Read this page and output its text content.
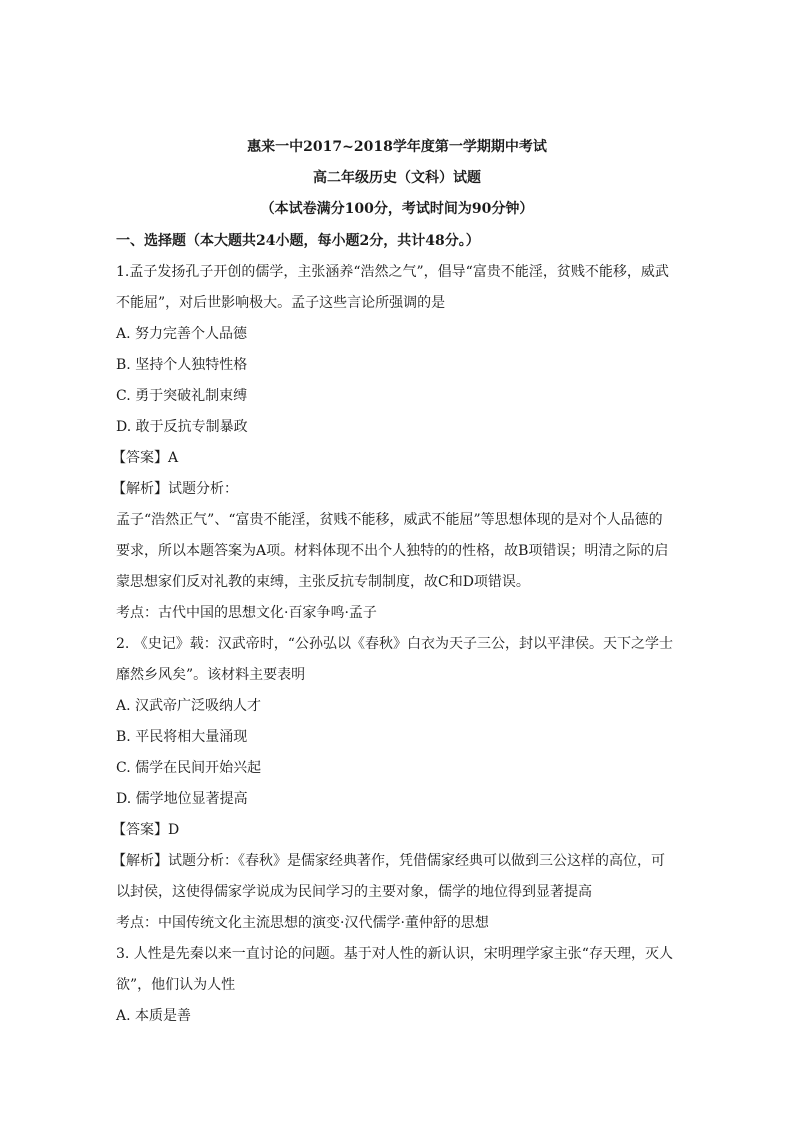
惠来一中2017~2018学年度第一学期期中考试
高二年级历史（文科）试题
（本试卷满分100分，考试时间为90分钟）
一、选择题（本大题共24小题，每小题2分，共计48分。）
1.孟子发扬孔子开创的儒学，主张涵养“浩然之气”，倡导“富贵不能淫，贫贱不能移，威武
不能屈”，对后世影响极大。孟子这些言论所强调的是
A. 努力完善个人品德
B. 坚持个人独特性格
C. 勇于突破礼制束缚
D. 敢于反抗专制暴政
【答案】A
【解析】试题分析：
孟子“浩然正气”、“富贵不能淫，贫贱不能移，威武不能屈”等思想体现的是对个人品德的
要求，所以本题答案为A项。材料体现不出个人独特的的性格，故B项错误；明清之际的启
蒙思想家们反对礼教的束缚，主张反抗专制制度，故C和D项错误。
考点：古代中国的思想文化·百家争鸣·孟子
2. 《史记》载：汉武帝时，“公孙弘以《春秋》白衣为天子三公，封以平津侯。天下之学士
靡然乡风矣”。该材料主要表明
A. 汉武帝广泛吸纳人才
B. 平民将相大量涌现
C. 儒学在民间开始兴起
D. 儒学地位显著提高
【答案】D
【解析】试题分析：《春秋》是儒家经典著作，凭借儒家经典可以做到三公这样的高位，可
以封侯，这使得儒家学说成为民间学习的主要对象，儒学的地位得到显著提高
考点：中国传统文化主流思想的演变·汉代儒学·董仲舒的思想
3. 人性是先秦以来一直讨论的问题。基于对人性的新认识，宋明理学家主张“存天理，灭人
欲”，他们认为人性
A. 本质是善
